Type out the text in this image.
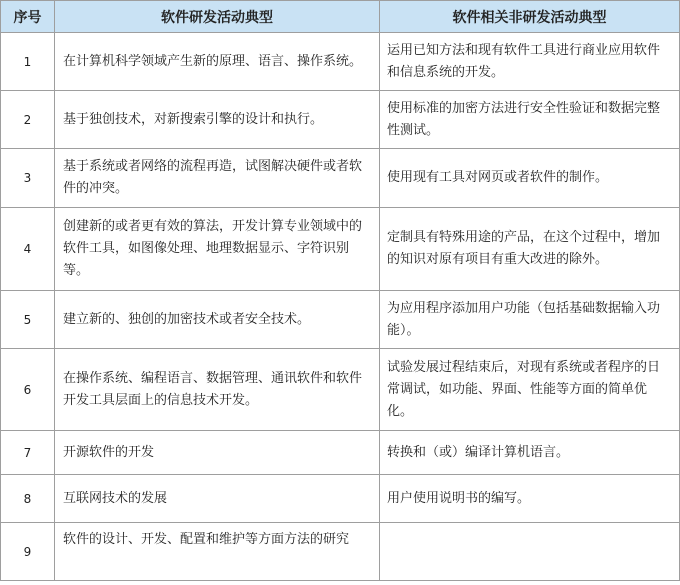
序号	软件研发活动典型	软件相关非研发活动典型
1	在计算机科学领域产生新的原理、语言、操作系统。	运用已知方法和现有软件工具进行商业应用软件和信息系统的开发。
2	基于独创技术，对新搜索引擎的设计和执行。	使用标准的加密方法进行安全性验证和数据完整性测试。
3	基于系统或者网络的流程再造，试图解决硬件或者软件的冲突。	使用现有工具对网页或者软件的制作。
4	创建新的或者更有效的算法，开发计算专业领域中的软件工具，如图像处理、地理数据显示、字符识别等。	定制具有特殊用途的产品，在这个过程中，增加的知识对原有项目有重大改进的除外。
5	建立新的、独创的加密技术或者安全技术。	为应用程序添加用户功能（包括基础数据输入功能）。
6	在操作系统、编程语言、数据管理、通讯软件和软件开发工具层面上的信息技术开发。	试验发展过程结束后，对现有系统或者程序的日常调试，如功能、界面、性能等方面的简单优化。
7	开源软件的开发	转换和（或）编译计算机语言。
8	互联网技术的发展	用户使用说明书的编写。
9	软件的设计、开发、配置和维护等方面方法的研究	
